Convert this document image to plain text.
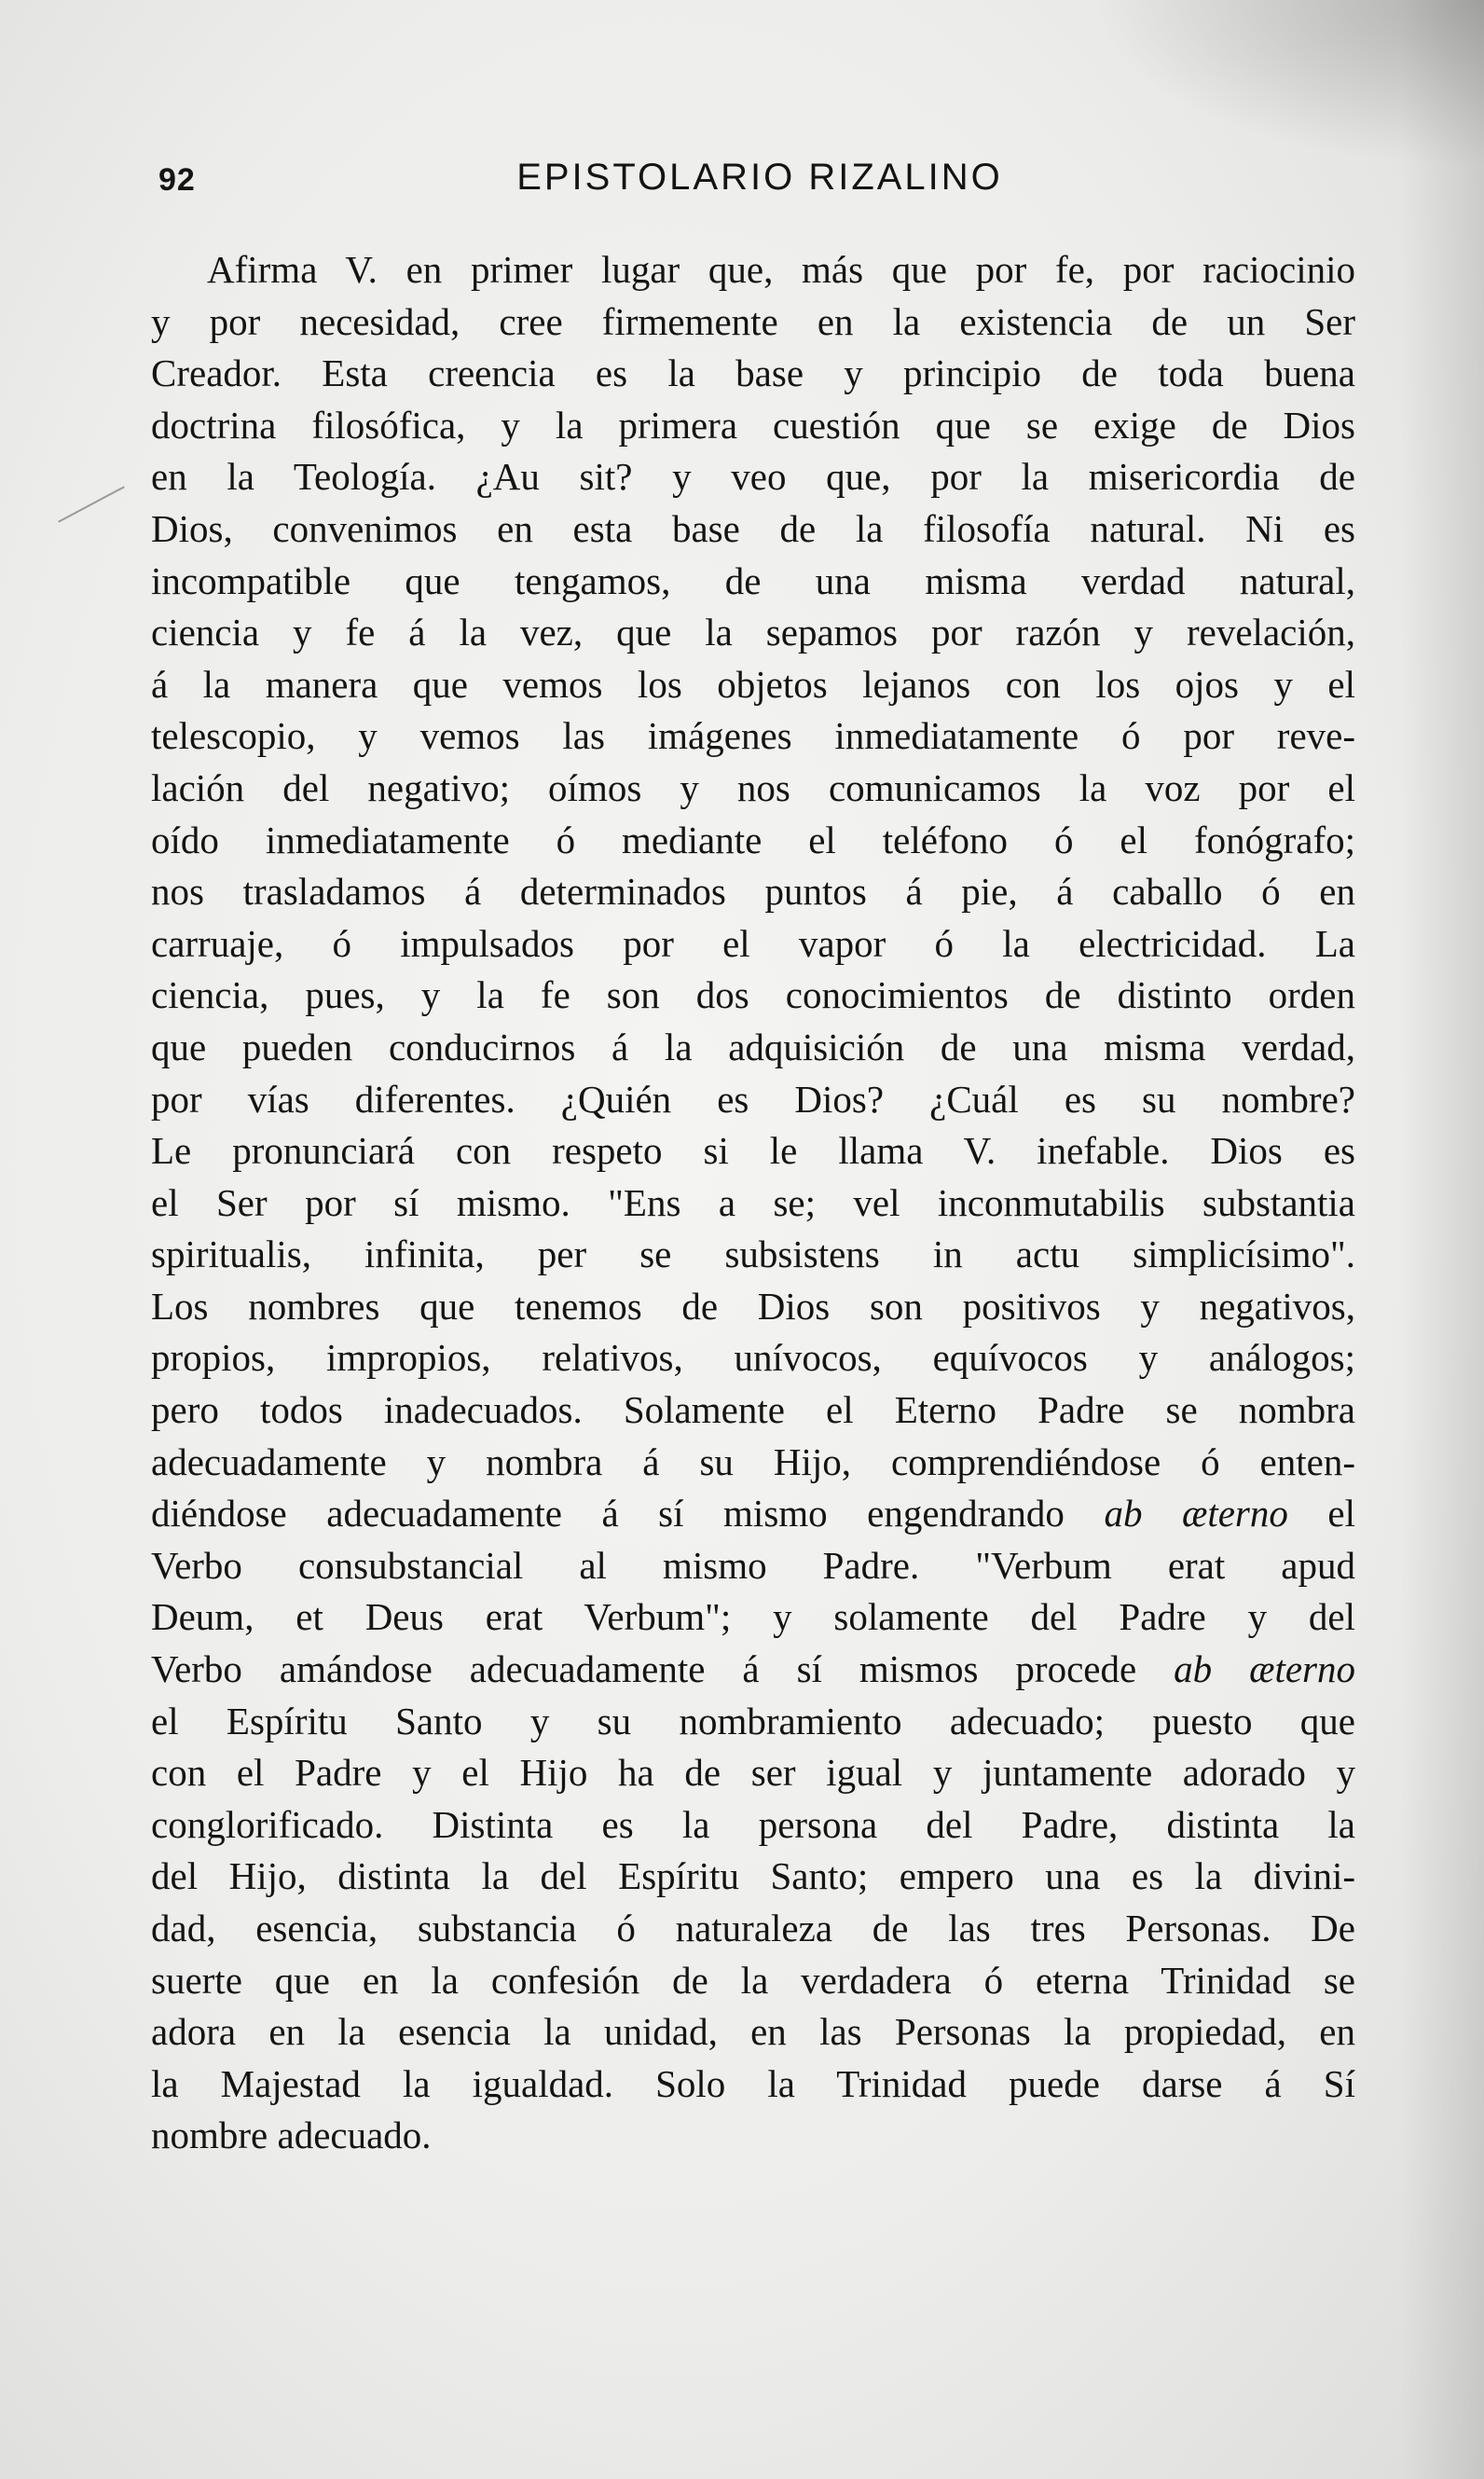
92	EPISTOLARIO RIZALINO
Afirma V. en primer lugar que, más que por fe, por raciocinio
y por necesidad, cree firmemente en la existencia de un Ser
Creador. Esta creencia es la base y principio de toda buena
doctrina filosófica, y la primera cuestión que se exige de Dios
en la Teología. ¿Au sit? y veo que, por la misericordia de
Dios, convenimos en esta base de la filosofía natural. Ni es
incompatible que tengamos, de una misma verdad natural,
ciencia y fe á la vez, que la sepamos por razón y revelación,
á la manera que vemos los objetos lejanos con los ojos y el
telescopio, y vemos las imágenes inmediatamente ó por reve-
lación del negativo; oímos y nos comunicamos la voz por el
oído inmediatamente ó mediante el teléfono ó el fonógrafo;
nos trasladamos á determinados puntos á pie, á caballo ó en
carruaje, ó impulsados por el vapor ó la electricidad. La
ciencia, pues, y la fe son dos conocimientos de distinto orden
que pueden conducirnos á la adquisición de una misma verdad,
por vías diferentes. ¿Quién es Dios? ¿Cuál es su nombre?
Le pronunciará con respeto si le llama V. inefable. Dios es
el Ser por sí mismo. "Ens a se; vel inconmutabilis substantia
spiritualis, infinita, per se subsistens in actu simplicísimo".
Los nombres que tenemos de Dios son positivos y negativos,
propios, impropios, relativos, unívocos, equívocos y análogos;
pero todos inadecuados. Solamente el Eterno Padre se nombra
adecuadamente y nombra á su Hijo, comprendiéndose ó enten-
diéndose adecuadamente á sí mismo engendrando ab æterno el
Verbo consubstancial al mismo Padre. "Verbum erat apud
Deum, et Deus erat Verbum"; y solamente del Padre y del
Verbo amándose adecuadamente á sí mismos procede ab æterno
el Espíritu Santo y su nombramiento adecuado; puesto que
con el Padre y el Hijo ha de ser igual y juntamente adorado y
conglorificado. Distinta es la persona del Padre, distinta la
del Hijo, distinta la del Espíritu Santo; empero una es la divini-
dad, esencia, substancia ó naturaleza de las tres Personas. De
suerte que en la confesión de la verdadera ó eterna Trinidad se
adora en la esencia la unidad, en las Personas la propiedad, en
la Majestad la igualdad. Solo la Trinidad puede darse á Sí
nombre adecuado.
